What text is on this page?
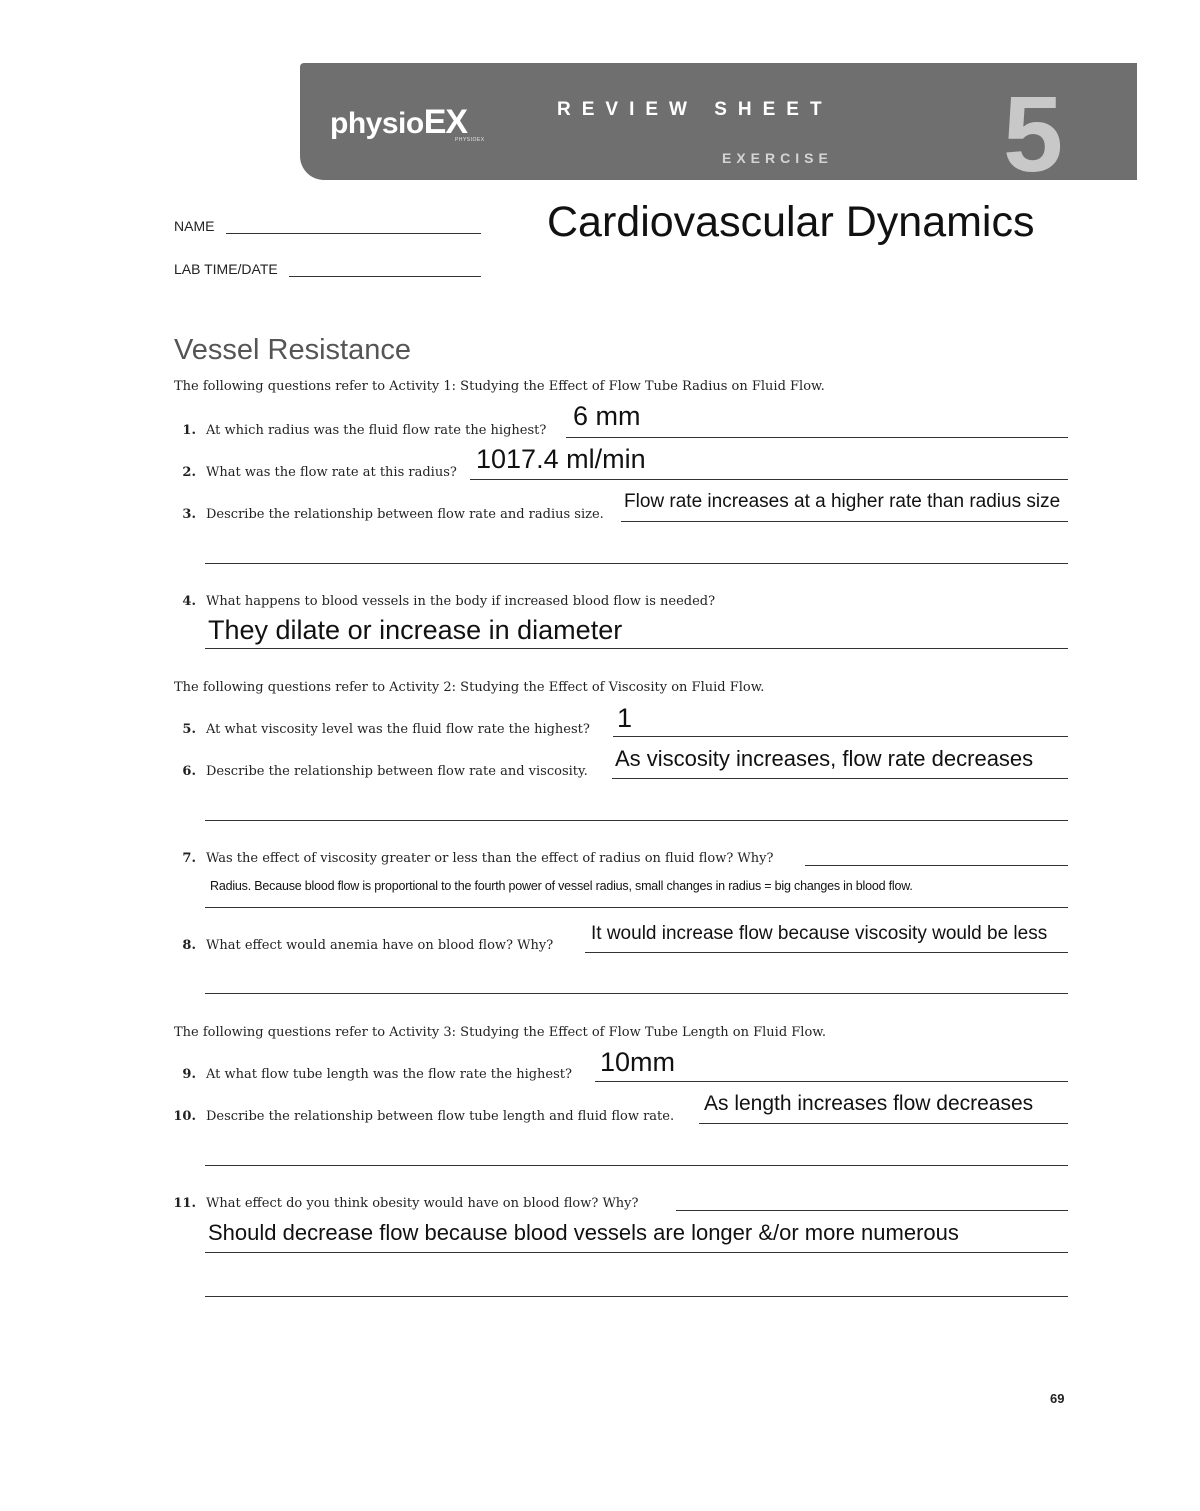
physioEX
PHYSIOEX
REVIEW SHEET
EXERCISE 5
Cardiovascular Dynamics
NAME
LAB TIME/DATE
Vessel Resistance
The following questions refer to Activity 1: Studying the Effect of Flow Tube Radius on Fluid Flow.
1. At which radius was the fluid flow rate the highest? 6 mm
2. What was the flow rate at this radius? 1017.4 ml/min
3. Describe the relationship between flow rate and radius size.
Flow rate increases at a higher rate than radius size
4. What happens to blood vessels in the body if increased blood flow is needed?
They dilate or increase in diameter
The following questions refer to Activity 2: Studying the Effect of Viscosity on Fluid Flow.
5. At what viscosity level was the fluid flow rate the highest? 1
6. Describe the relationship between flow rate and viscosity.
As viscosity increases, flow rate decreases
7. Was the effect of viscosity greater or less than the effect of radius on fluid flow? Why?
Radius. Because blood flow is proportional to the fourth power of vessel radius, small changes in radius = big changes in blood flow.
8. What effect would anemia have on blood flow? Why?
It would increase flow because viscosity would be less
The following questions refer to Activity 3: Studying the Effect of Flow Tube Length on Fluid Flow.
9. At what flow tube length was the flow rate the highest? 10mm
10. Describe the relationship between flow tube length and fluid flow rate.
As length increases flow decreases
11. What effect do you think obesity would have on blood flow? Why?
Should decrease flow because blood vessels are longer &/or more numerous
69
